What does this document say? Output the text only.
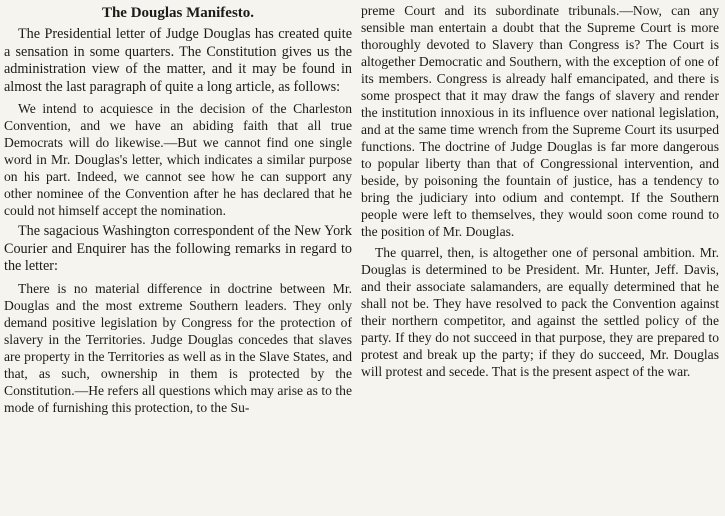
The Douglas Manifesto.

The Presidential letter of Judge Douglas has created quite a sensation in some quarters. The Constitution gives us the administration view of the matter, and it may be found in almost the last paragraph of quite a long article, as follows:

We intend to acquiesce in the decision of the Charleston Convention, and we have an abiding faith that all true Democrats will do likewise.—But we cannot find one single word in Mr. Douglas's letter, which indicates a similar purpose on his part. Indeed, we cannot see how he can support any other nominee of the Convention after he has declared that he could not himself accept the nomination.

The sagacious Washington correspondent of the New York Courier and Enquirer has the following remarks in regard to the letter:

There is no material difference in doctrine between Mr. Douglas and the most extreme Southern leaders. They only demand positive legislation by Congress for the protection of slavery in the Territories. Judge Douglas concedes that slaves are property in the Territories as well as in the Slave States, and that, as such, ownership in them is protected by the Constitution.—He refers all questions which may arise as to the mode of furnishing this protection, to the Su-

preme Court and its subordinate tribunals.—Now, can any sensible man entertain a doubt that the Supreme Court is more thoroughly devoted to Slavery than Congress is? The Court is altogether Democratic and Southern, with the exception of one of its members. Congress is already half emancipated, and there is some prospect that it may draw the fangs of slavery and render the institution innoxious in its influence over national legislation, and at the same time wrench from the Supreme Court its usurped functions. The doctrine of Judge Douglas is far more dangerous to popular liberty than that of Congressional intervention, and beside, by poisoning the fountain of justice, has a tendency to bring the judiciary into odium and contempt. If the Southern people were left to themselves, they would soon come round to the position of Mr. Douglas.

The quarrel, then, is altogether one of personal ambition. Mr. Douglas is determined to be President. Mr. Hunter, Jeff. Davis, and their associate salamanders, are equally determined that he shall not be. They have resolved to pack the Convention against their northern competitor, and against the settled policy of the party. If they do not succeed in that purpose, they are prepared to protest and break up the party; if they do succeed, Mr. Douglas will protest and secede. That is the present aspect of the war.
